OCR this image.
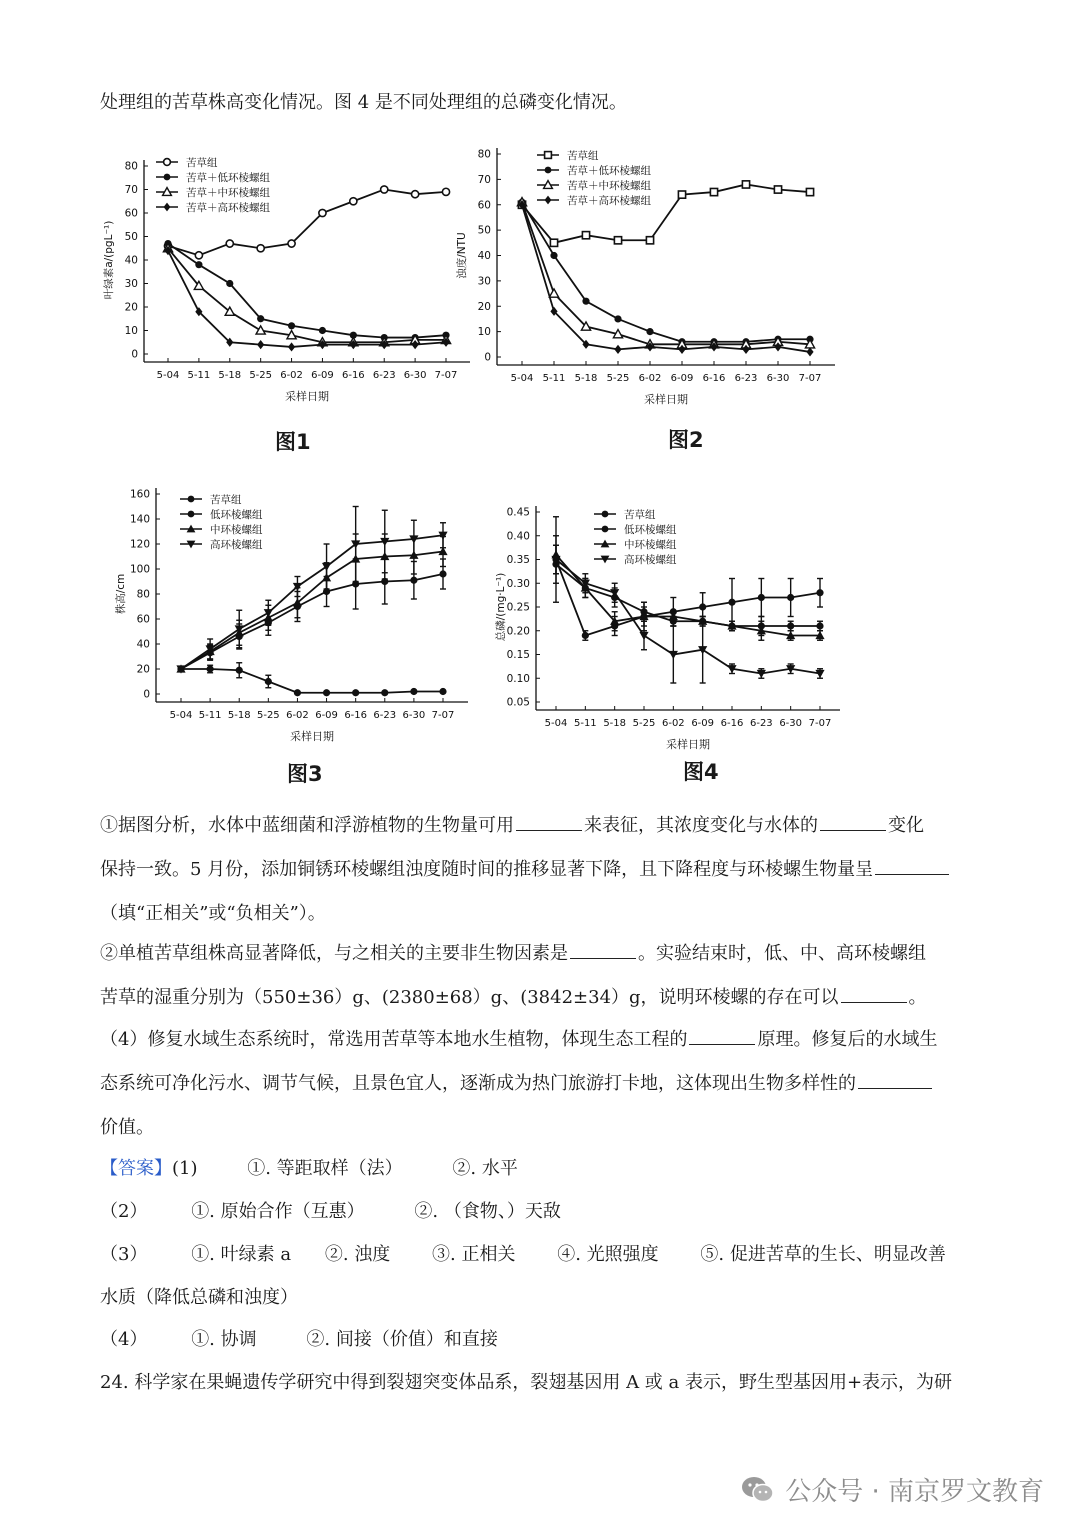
处理组的苦草株高变化情况。图 4 是不同处理组的总磷变化情况。
0
10
20
30
40
50
60
70
80
5-04 5-11 5-18 5-25 6-02 6-09 6-16 6-23 6-30 7-07
采样日期
叶绿素a/(pgL⁻¹)
苦草组
苦草＋低环棱螺组
苦草＋中环棱螺组
苦草＋高环棱螺组
图1
0
10
20
30
40
50
60
70
80
5-04 5-11 5-18 5-25 6-02 6-09 6-16 6-23 6-30 7-07
采样日期
浊度/NTU
苦草组
苦草＋低环棱螺组
苦草＋中环棱螺组
苦草＋高环棱螺组
图2
0
20
40
60
80
100
120
140
160
5-04 5-11 5-18 5-25 6-02 6-09 6-16 6-23 6-30 7-07
采样日期
株高/cm
苦草组
低环棱螺组
中环棱螺组
高环棱螺组
图3
0.05
0.10
0.15
0.20
0.25
0.30
0.35
0.40
0.45
5-04 5-11 5-18 5-25 6-02 6-09 6-16 6-23 6-30 7-07
采样日期
总磷/(mg·L⁻¹)
苦草组
低环棱螺组
中环棱螺组
高环棱螺组
图4
①据图分析，水体中蓝细菌和浮游植物的生物量可用	来表征，其浓度变化与水体的	变化
保持一致。5 月份，添加铜锈环棱螺组浊度随时间的推移显著下降，且下降程度与环棱螺生物量呈
（填“正相关”或“负相关”）。
②单植苦草组株高显著降低，与之相关的主要非生物因素是	。实验结束时，低、中、高环棱螺组
苦草的湿重分别为（550±36）g、(2380±68）g、(3842±34）g，说明环棱螺的存在可以	。
（4）修复水域生态系统时，常选用苦草等本地水生植物，体现生态工程的	原理。修复后的水域生
态系统可净化污水、调节气候，且景色宜人，逐渐成为热门旅游打卡地，这体现出生物多样性的
价值。
【答案】(1)	①. 等距取样（法）	②. 水平
（2） ①. 原始合作（互惠）	②. （食物、）天敌
（3） ①. 叶绿素 a ②. 浊度 ③. 正相关 ④. 光照强度 ⑤. 促进苦草的生长、明显改善
水质（降低总磷和浊度）
（4） ①. 协调	②. 间接（价值）和直接
24. 科学家在果蝇遗传学研究中得到裂翅突变体品系，裂翅基因用 A 或 a 表示，野生型基因用+表示，为研
公众号 · 南京罗文教育
